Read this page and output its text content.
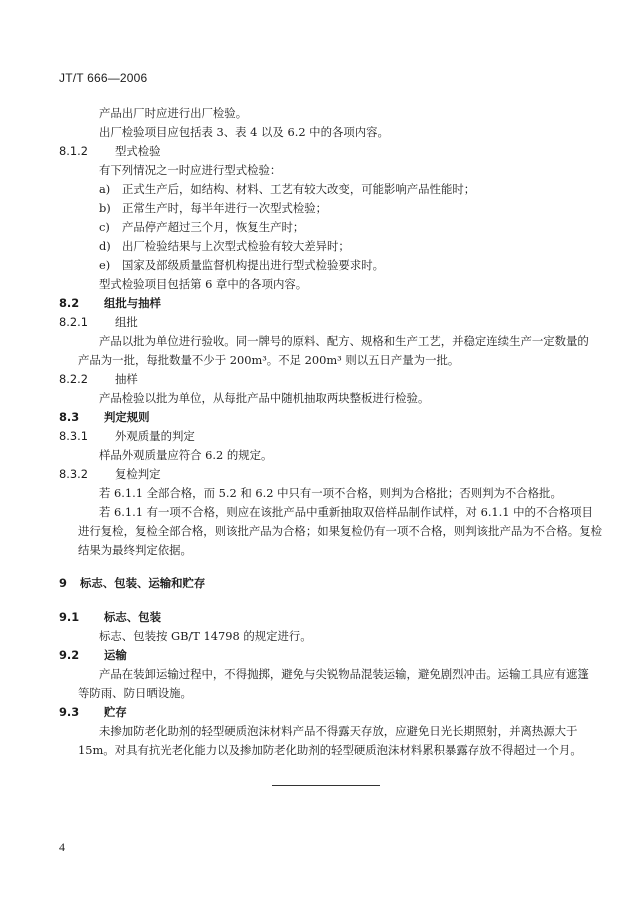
JT/T 666—2006
产品出厂时应进行出厂检验。
出厂检验项目应包括表 3、表 4 以及 6.2 中的各项内容。
8.1.2 型式检验
有下列情况之一时应进行型式检验：
a) 正式生产后，如结构、材料、工艺有较大改变，可能影响产品性能时；
b) 正常生产时，每半年进行一次型式检验；
c) 产品停产超过三个月，恢复生产时；
d) 出厂检验结果与上次型式检验有较大差异时；
e) 国家及部级质量监督机构提出进行型式检验要求时。
型式检验项目包括第 6 章中的各项内容。
8.2 组批与抽样
8.2.1 组批
产品以批为单位进行验收。同一牌号的原料、配方、规格和生产工艺，并稳定连续生产一定数量的
产品为一批，每批数量不少于 200m³。不足 200m³ 则以五日产量为一批。
8.2.2 抽样
产品检验以批为单位，从每批产品中随机抽取两块整板进行检验。
8.3 判定规则
8.3.1 外观质量的判定
样品外观质量应符合 6.2 的规定。
8.3.2 复检判定
若 6.1.1 全部合格，而 5.2 和 6.2 中只有一项不合格，则判为合格批；否则判为不合格批。
若 6.1.1 有一项不合格，则应在该批产品中重新抽取双倍样品制作试样，对 6.1.1 中的不合格项目
进行复检，复检全部合格，则该批产品为合格；如果复检仍有一项不合格，则判该批产品为不合格。复检
结果为最终判定依据。
9 标志、包装、运输和贮存
9.1 标志、包装
标志、包装按 GB/T 14798 的规定进行。
9.2 运输
产品在装卸运输过程中，不得抛掷，避免与尖锐物品混装运输，避免剧烈冲击。运输工具应有遮篷
等防雨、防日晒设施。
9.3 贮存
未掺加防老化助剂的轻型硬质泡沫材料产品不得露天存放，应避免日光长期照射，并离热源大于
15m。对具有抗光老化能力以及掺加防老化助剂的轻型硬质泡沫材料累积暴露存放不得超过一个月。
4
